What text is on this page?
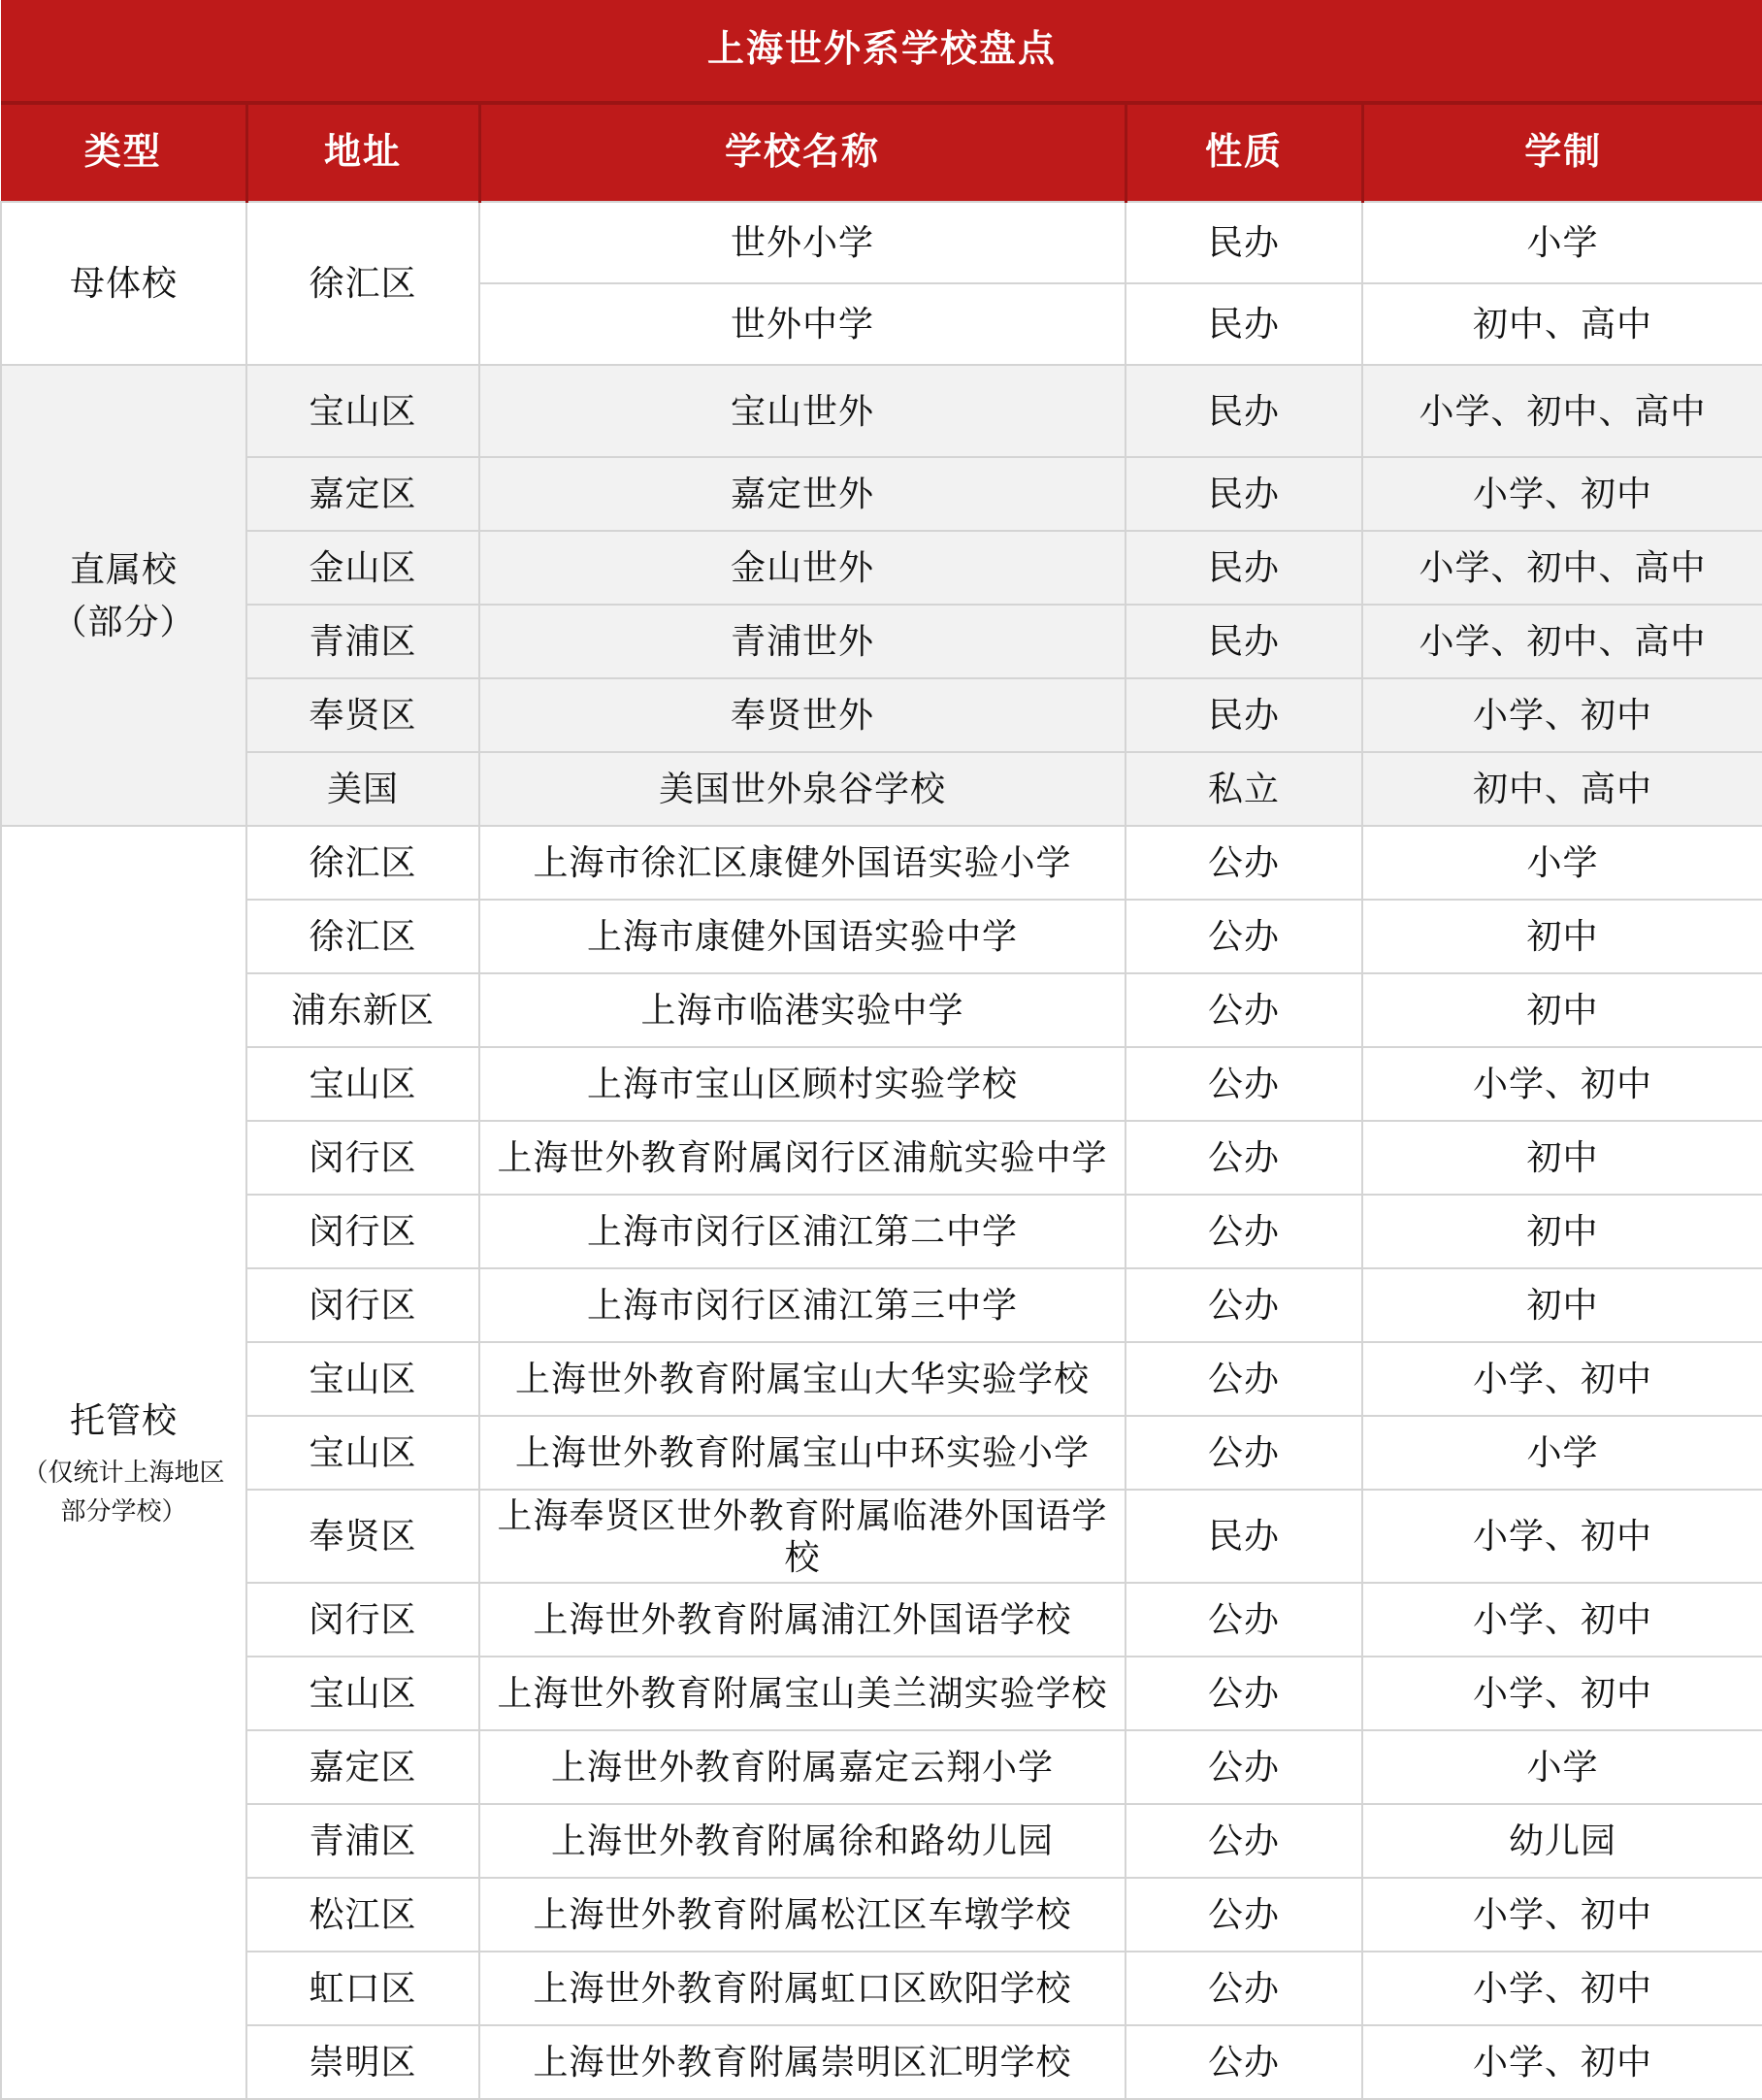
上海世外系学校盘点				
类型	地址	学校名称	性质	学制

母体校	徐汇区	世外小学	民办	小学
		世外中学	民办	初中、高中

直属校
（部分）	宝山区	宝山世外	民办	小学、初中、高中
	嘉定区	嘉定世外	民办	小学、初中
	金山区	金山世外	民办	小学、初中、高中
	青浦区	青浦世外	民办	小学、初中、高中
	奉贤区	奉贤世外	民办	小学、初中
	美国	美国世外泉谷学校	私立	初中、高中

托管校
（仅统计上海地区部分学校）	徐汇区	上海市徐汇区康健外国语实验小学	公办	小学
	徐汇区	上海市康健外国语实验中学	公办	初中
	浦东新区	上海市临港实验中学	公办	初中
	宝山区	上海市宝山区顾村实验学校	公办	小学、初中
	闵行区	上海世外教育附属闵行区浦航实验中学	公办	初中
	闵行区	上海市闵行区浦江第二中学	公办	初中
	闵行区	上海市闵行区浦江第三中学	公办	初中
	宝山区	上海世外教育附属宝山大华实验学校	公办	小学、初中
	宝山区	上海世外教育附属宝山中环实验小学	公办	小学
	奉贤区	上海奉贤区世外教育附属临港外国语学校	民办	小学、初中
	闵行区	上海世外教育附属浦江外国语学校	公办	小学、初中
	宝山区	上海世外教育附属宝山美兰湖实验学校	公办	小学、初中
	嘉定区	上海世外教育附属嘉定云翔小学	公办	小学
	青浦区	上海世外教育附属徐和路幼儿园	公办	幼儿园
	松江区	上海世外教育附属松江区车墩学校	公办	小学、初中
	虹口区	上海世外教育附属虹口区欧阳学校	公办	小学、初中
	崇明区	上海世外教育附属崇明区汇明学校	公办	小学、初中
